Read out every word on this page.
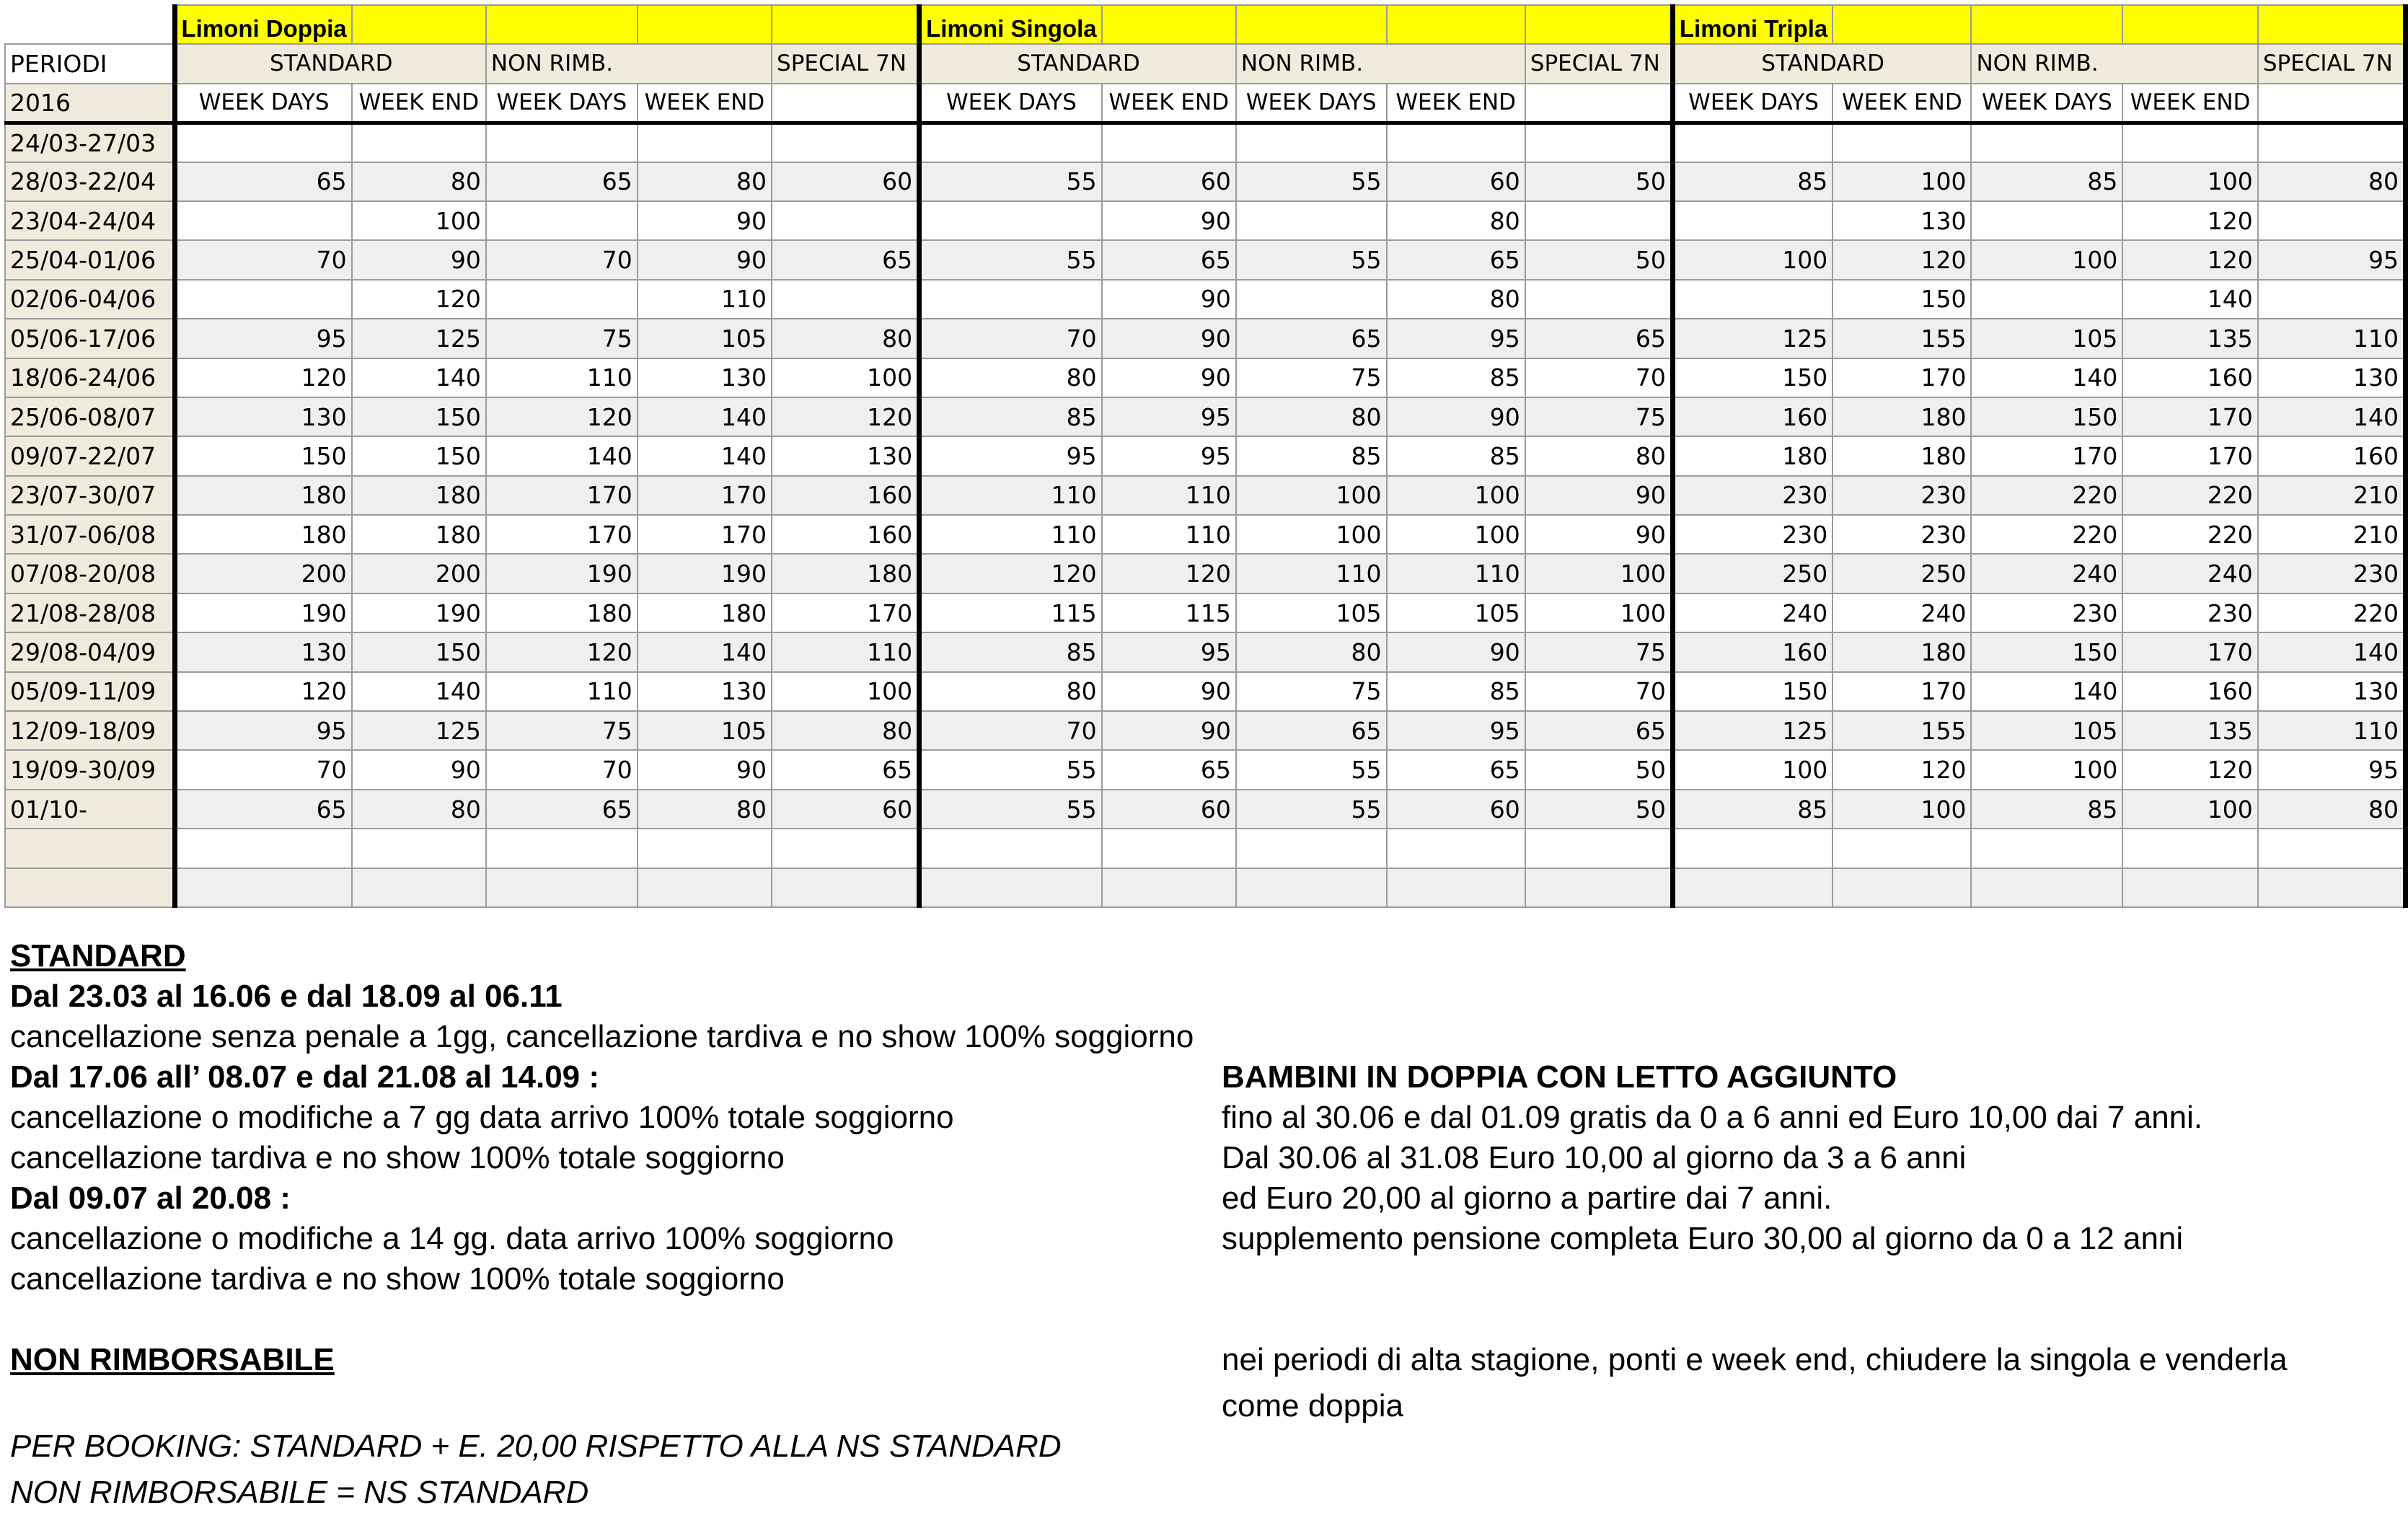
	Limoni Doppia					Limoni Singola					Limoni Tripla				
PERIODI	STANDARD		NON RIMB.		SPECIAL 7N	STANDARD		NON RIMB.		SPECIAL 7N	STANDARD		NON RIMB.		SPECIAL 7N
2016	WEEK DAYS	WEEK END	WEEK DAYS	WEEK END		WEEK DAYS	WEEK END	WEEK DAYS	WEEK END		WEEK DAYS	WEEK END	WEEK DAYS	WEEK END	
24/03-27/03															
28/03-22/04	65	80	65	80	60	55	60	55	60	50	85	100	85	100	80
23/04-24/04		100		90			90		80			130		120	
25/04-01/06	70	90	70	90	65	55	65	55	65	50	100	120	100	120	95
02/06-04/06		120		110			90		80			150		140	
05/06-17/06	95	125	75	105	80	70	90	65	95	65	125	155	105	135	110
18/06-24/06	120	140	110	130	100	80	90	75	85	70	150	170	140	160	130
25/06-08/07	130	150	120	140	120	85	95	80	90	75	160	180	150	170	140
09/07-22/07	150	150	140	140	130	95	95	85	85	80	180	180	170	170	160
23/07-30/07	180	180	170	170	160	110	110	100	100	90	230	230	220	220	210
31/07-06/08	180	180	170	170	160	110	110	100	100	90	230	230	220	220	210
07/08-20/08	200	200	190	190	180	120	120	110	110	100	250	250	240	240	230
21/08-28/08	190	190	180	180	170	115	115	105	105	100	240	240	230	230	220
29/08-04/09	130	150	120	140	110	85	95	80	90	75	160	180	150	170	140
05/09-11/09	120	140	110	130	100	80	90	75	85	70	150	170	140	160	130
12/09-18/09	95	125	75	105	80	70	90	65	95	65	125	155	105	135	110
19/09-30/09	70	90	70	90	65	55	65	55	65	50	100	120	100	120	95
01/10-	65	80	65	80	60	55	60	55	60	50	85	100	85	100	80

STANDARD
Dal 23.03 al 16.06 e dal 18.09 al 06.11
cancellazione senza penale a 1gg, cancellazione tardiva e no show 100% soggiorno
Dal 17.06 all’ 08.07 e dal 21.08 al 14.09 :
cancellazione o modifiche a 7 gg data arrivo 100% totale soggiorno
cancellazione tardiva e no show 100% totale soggiorno
Dal 09.07 al 20.08 :
cancellazione o modifiche a 14 gg. data arrivo 100% soggiorno
cancellazione tardiva e no show 100% totale soggiorno
NON RIMBORSABILE
PER BOOKING: STANDARD + E. 20,00 RISPETTO ALLA NS STANDARD
NON RIMBORSABILE = NS STANDARD
BAMBINI IN DOPPIA CON LETTO AGGIUNTO
fino al 30.06 e dal 01.09 gratis da 0 a 6 anni ed Euro 10,00 dai 7 anni.
Dal 30.06 al 31.08 Euro 10,00 al giorno da 3 a 6 anni
ed Euro 20,00 al giorno a partire dai 7 anni.
supplemento pensione completa Euro 30,00 al giorno da 0 a 12 anni
nei periodi di alta stagione, ponti e week end, chiudere la singola e venderla
come doppia
